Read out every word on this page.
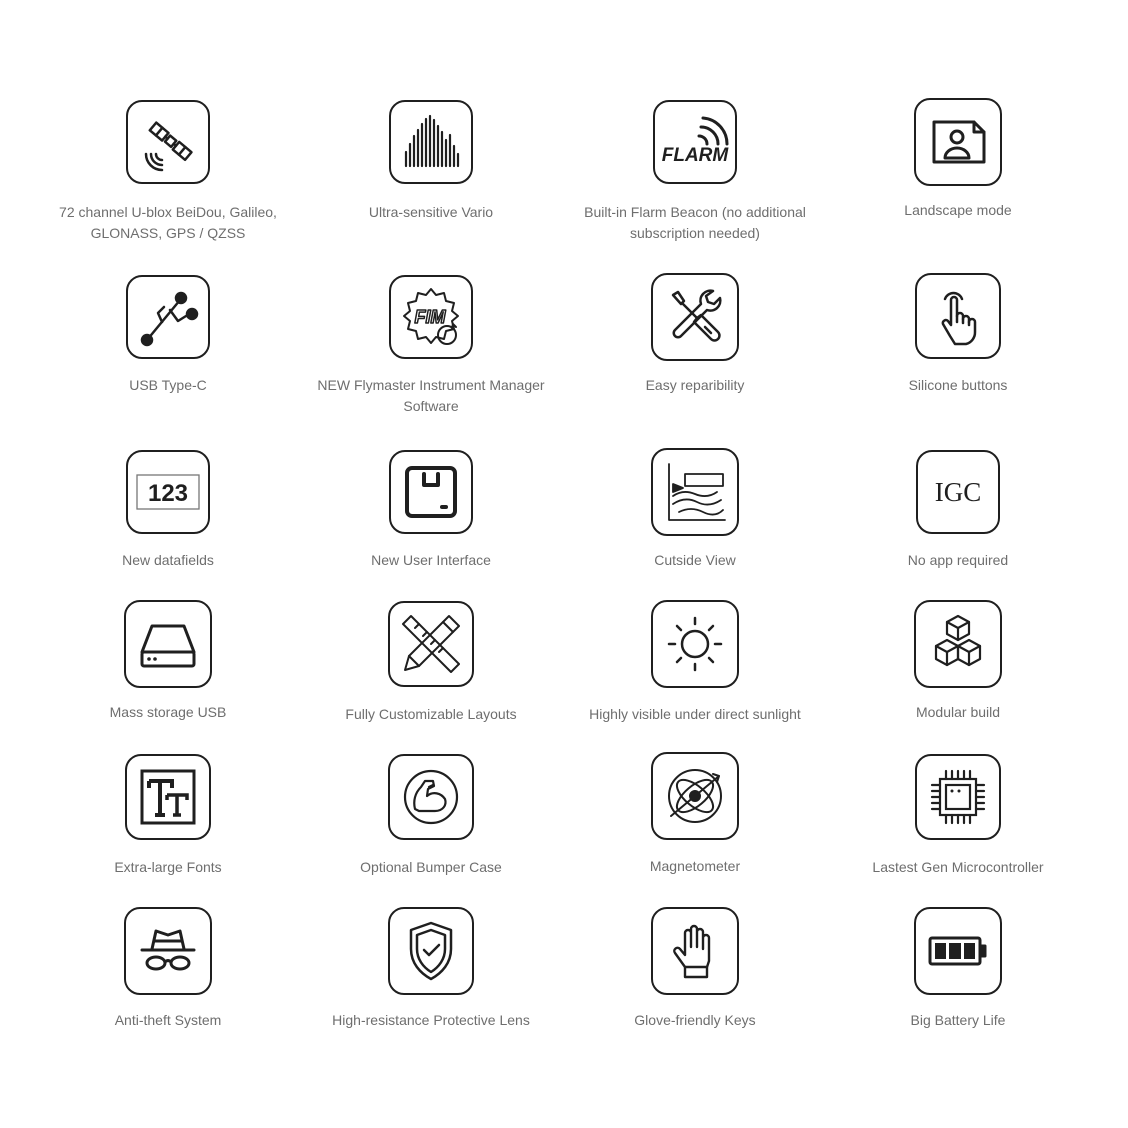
72 channel U-blox BeiDou, Galileo, GLONASS, GPS / QZSS
Ultra-sensitive Vario
FLARM
Built-in Flarm Beacon (no additional subscription needed)
Landscape mode
USB Type-C
FIM
NEW Flymaster Instrument Manager Software
Easy reparibility	Silicone buttons
123
New datafields	New User Interface	Cutside View
IGC
No app required
Mass storage USB	Fully Customizable Layouts	Highly visible under direct sunlight	Modular build
Extra-large Fonts	Optional Bumper Case	Magnetometer	Lastest Gen Microcontroller
Anti-theft System	High-resistance Protective Lens	Glove-friendly Keys	Big Battery Life
